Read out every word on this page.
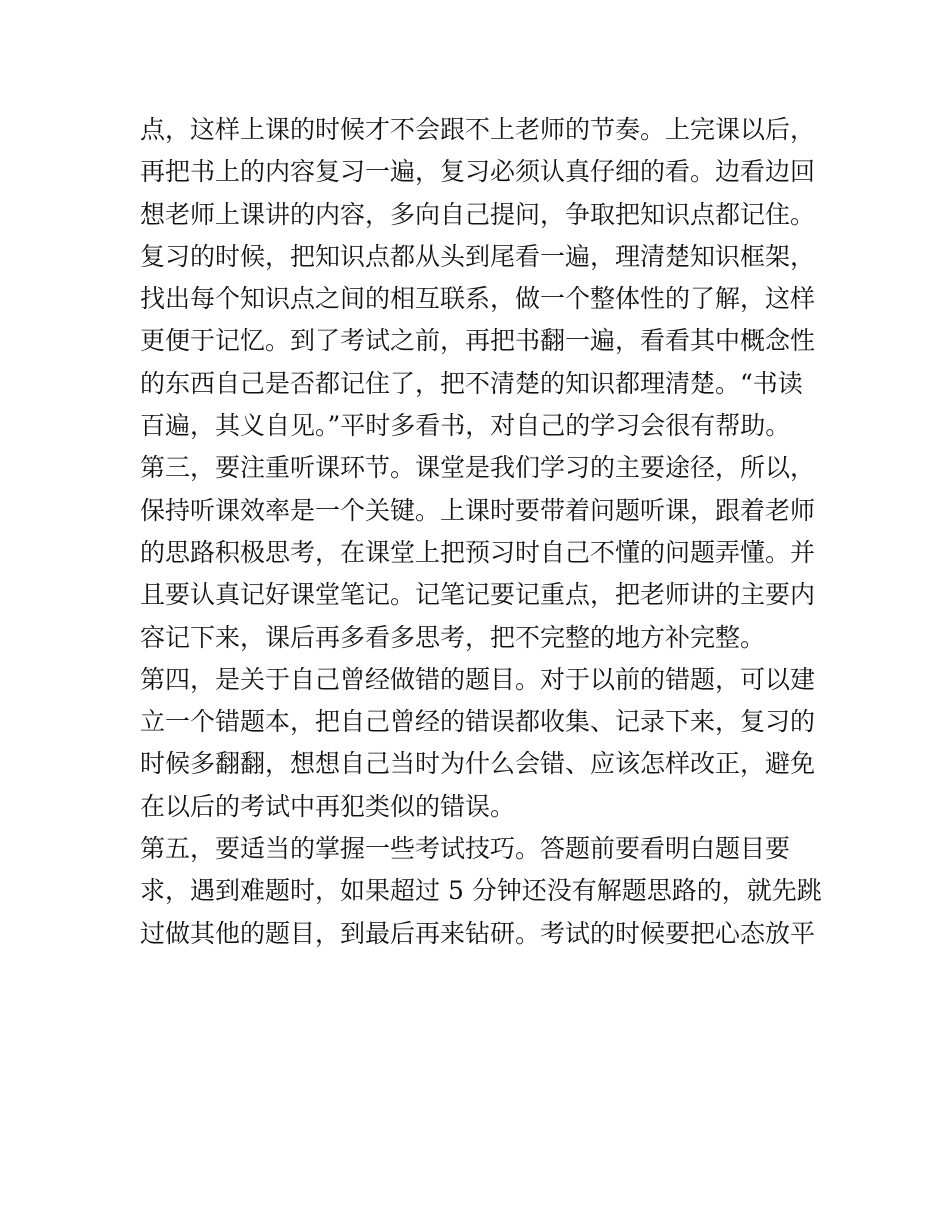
点，这样上课的时候才不会跟不上老师的节奏。上完课以后，
再把书上的内容复习一遍，复习必须认真仔细的看。边看边回
想老师上课讲的内容，多向自己提问，争取把知识点都记住。
复习的时候，把知识点都从头到尾看一遍，理清楚知识框架，
找出每个知识点之间的相互联系，做一个整体性的了解，这样
更便于记忆。到了考试之前，再把书翻一遍，看看其中概念性
的东西自己是否都记住了，把不清楚的知识都理清楚。“书读
百遍，其义自见。”平时多看书，对自己的学习会很有帮助。
第三，要注重听课环节。课堂是我们学习的主要途径，所以，
保持听课效率是一个关键。上课时要带着问题听课，跟着老师
的思路积极思考，在课堂上把预习时自己不懂的问题弄懂。并
且要认真记好课堂笔记。记笔记要记重点，把老师讲的主要内
容记下来，课后再多看多思考，把不完整的地方补完整。
第四，是关于自己曾经做错的题目。对于以前的错题，可以建
立一个错题本，把自己曾经的错误都收集、记录下来，复习的
时候多翻翻，想想自己当时为什么会错、应该怎样改正，避免
在以后的考试中再犯类似的错误。
第五，要适当的掌握一些考试技巧。答题前要看明白题目要
求，遇到难题时，如果超过 5 分钟还没有解题思路的，就先跳
过做其他的题目，到最后再来钻研。考试的时候要把心态放平
